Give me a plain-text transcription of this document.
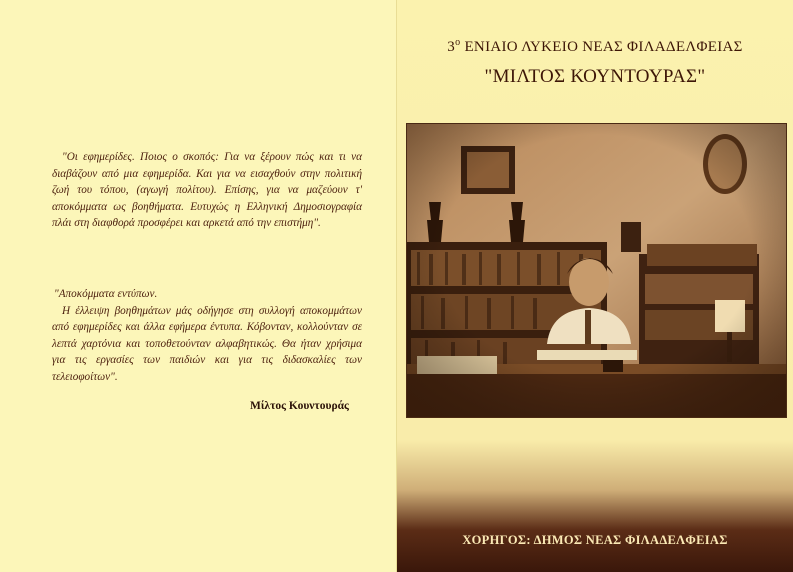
"Οι εφημερίδες. Ποιος ο σκοπός: Για να ξέρουν πώς και τι να διαβάζουν από μια εφημερίδα. Και για να εισαχθούν στην πολιτική ζωή του τόπου, (αγωγή πολίτου). Επίσης, για να μαζεύουν τ' αποκόμματα ως βοηθήματα. Ευτυχώς η Ελληνική Δημοσιογραφία πλάι στη διαφθορά προσφέρει και αρκετά από την επιστήμη".

"Αποκόμματα εντύπων.

Η έλλειψη βοηθημάτων μάς οδήγησε στη συλλογή αποκομμάτων από εφημερίδες και άλλα εφήμερα έντυπα. Κόβονταν, κολλούνταν σε λεπτά χαρτόνια και τοποθετούνταν αλφαβητικώς. Θα ήταν χρήσιμα για τις εργασίες των παιδιών και για τις διδασκαλίες των τελειοφοίτων".

Μίλτος Κουντουράς
$3^o$ ΕΝΙΑΙΟ ΛΥΚΕΙΟ ΝΕΑΣ ΦΙΛΑΔΕΛΦΕΙΑΣ
"ΜΙΛΤΟΣ ΚΟΥΝΤΟΥΡΑΣ"
ΧΟΡΗΓΟΣ: ΔΗΜΟΣ ΝΕΑΣ ΦΙΛΑΔΕΛΦΕΙΑΣ
